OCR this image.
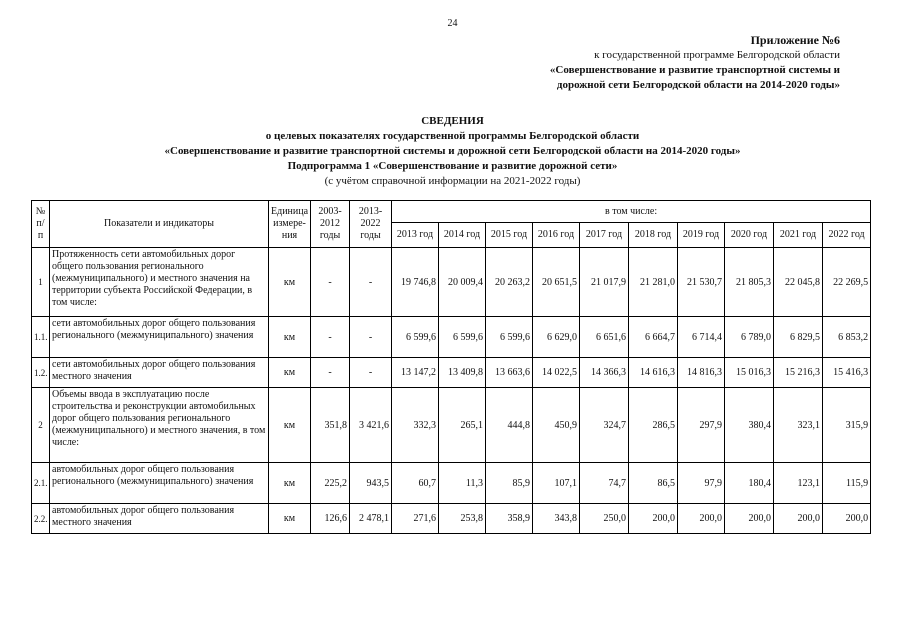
24
Приложение №6
к государственной программе Белгородской области
«Совершенствование и развитие транспортной системы и
дорожной сети Белгородской области на 2014-2020 годы»
СВЕДЕНИЯ
о целевых показателях государственной программы Белгородской области
«Совершенствование и развитие транспортной системы и дорожной сети Белгородской области на 2014-2020 годы»
Подпрограмма 1 «Совершенствование и развитие дорожной сети»
(с учётом справочной информации на 2021-2022 годы)
№ п/п	Показатели и индикаторы	Единица измере- ния	2003- 2012 годы	2013- 2022 годы	в том числе:									
					2013 год	2014 год	2015 год	2016 год	2017 год	2018 год	2019 год	2020 год	2021 год	2022 год
1	Протяженность сети автомобильных дорог общего пользования регионального (межмуниципального) и местного значения на территории субъекта Российской Федерации, в том числе:	км	-	-	19 746,8	20 009,4	20 263,2	20 651,5	21 017,9	21 281,0	21 530,7	21 805,3	22 045,8	22 269,5
1.1.	сети автомобильных дорог общего пользования регионального (межмуниципального) значения	км	-	-	6 599,6	6 599,6	6 599,6	6 629,0	6 651,6	6 664,7	6 714,4	6 789,0	6 829,5	6 853,2
1.2.	сети автомобильных дорог общего пользования местного значения	км	-	-	13 147,2	13 409,8	13 663,6	14 022,5	14 366,3	14 616,3	14 816,3	15 016,3	15 216,3	15 416,3
2	Объемы ввода в эксплуатацию после строительства и реконструкции автомобильных дорог общего пользования регионального (межмуниципального) и местного значения, в том числе:	км	351,8	3 421,6	332,3	265,1	444,8	450,9	324,7	286,5	297,9	380,4	323,1	315,9
2.1.	автомобильных дорог общего пользования регионального (межмуниципального) значения	км	225,2	943,5	60,7	11,3	85,9	107,1	74,7	86,5	97,9	180,4	123,1	115,9
2.2.	автомобильных дорог общего пользования местного значения	км	126,6	2 478,1	271,6	253,8	358,9	343,8	250,0	200,0	200,0	200,0	200,0	200,0
